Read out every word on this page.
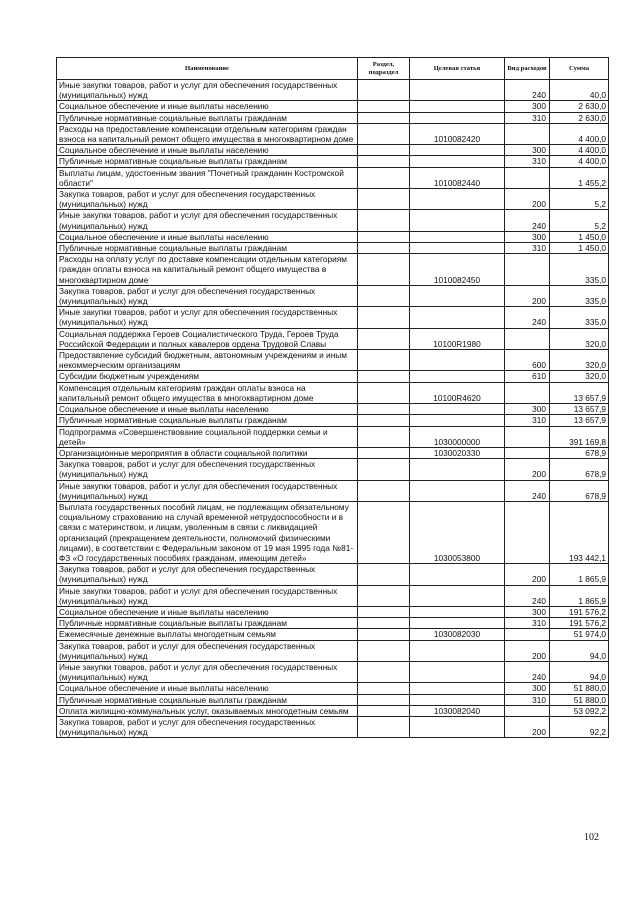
Наименование	Раздел, подраздел	Целевая статья	Вид расходов	Сумма
Иные закупки товаров, работ и услуг для обеспечения государственных (муниципальных) нужд			240	40,0
Социальное обеспечение и иные выплаты населению			300	2 630,0
Публичные нормативные социальные выплаты гражданам			310	2 630,0
Расходы на предоставление компенсации отдельным категориям граждан взноса на капитальный ремонт общего имущества в многоквартирном доме		1010082420		4 400,0
Социальное обеспечение и иные выплаты населению			300	4 400,0
Публичные нормативные социальные выплаты гражданам			310	4 400,0
Выплаты лицам, удостоенным звания "Почетный гражданин Костромской области"		1010082440		1 455,2
Закупка товаров, работ и услуг для обеспечения государственных (муниципальных) нужд			200	5,2
Иные закупки товаров, работ и услуг для обеспечения государственных (муниципальных) нужд			240	5,2
Социальное обеспечение и иные выплаты населению			300	1 450,0
Публичные нормативные социальные выплаты гражданам			310	1 450,0
Расходы на оплату услуг по доставке компенсации отдельным категориям граждан оплаты взноса на капитальный ремонт общего имущества в многоквартирном доме		1010082450		335,0
Закупка товаров, работ и услуг для обеспечения государственных (муниципальных) нужд			200	335,0
Иные закупки товаров, работ и услуг для обеспечения государственных (муниципальных) нужд			240	335,0
Социальная поддержка Героев Социалистического Труда, Героев Труда Российской Федерации и полных кавалеров ордена Трудовой Славы		10100R1980		320,0
Предоставление субсидий бюджетным, автономным учреждениям и иным некоммерческим организациям			600	320,0
Субсидии бюджетным учреждениям			610	320,0
Компенсация отдельным категориям граждан оплаты взноса на капитальный ремонт общего имущества в многоквартирном доме		10100R4620		13 657,9
Социальное обеспечение и иные выплаты населению			300	13 657,9
Публичные нормативные социальные выплаты гражданам			310	13 657,9
Подпрограмма «Совершенствование социальной поддержки семьи и детей»		1030000000		391 169,8
Организационные мероприятия в области социальной политики		1030020330		678,9
Закупка товаров, работ и услуг для обеспечения государственных (муниципальных) нужд			200	678,9
Иные закупки товаров, работ и услуг для обеспечения государственных (муниципальных) нужд			240	678,9
Выплата государственных пособий лицам, не подлежащим обязательному социальному страхованию на случай временной нетрудоспособности и в связи с материнством, и лицам, уволенным в связи с ликвидацией организаций (прекращением деятельности, полномочий физическими лицами), в соответствии с Федеральным законом от 19 мая 1995 года №81-ФЗ «О государственных пособиях гражданам, имеющим детей»		1030053800		193 442,1
Закупка товаров, работ и услуг для обеспечения государственных (муниципальных) нужд			200	1 865,9
Иные закупки товаров, работ и услуг для обеспечения государственных (муниципальных) нужд			240	1 865,9
Социальное обеспечение и иные выплаты населению			300	191 576,2
Публичные нормативные социальные выплаты гражданам			310	191 576,2
Ежемесячные денежные выплаты многодетным семьям		1030082030		51 974,0
Закупка товаров, работ и услуг для обеспечения государственных (муниципальных) нужд			200	94,0
Иные закупки товаров, работ и услуг для обеспечения государственных (муниципальных) нужд			240	94,0
Социальное обеспечение и иные выплаты населению			300	51 880,0
Публичные нормативные социальные выплаты гражданам			310	51 880,0
Оплата жилищно-коммунальных услуг, оказываемых многодетным семьям		1030082040		53 092,2
Закупка товаров, работ и услуг для обеспечения государственных (муниципальных) нужд			200	92,2
102
